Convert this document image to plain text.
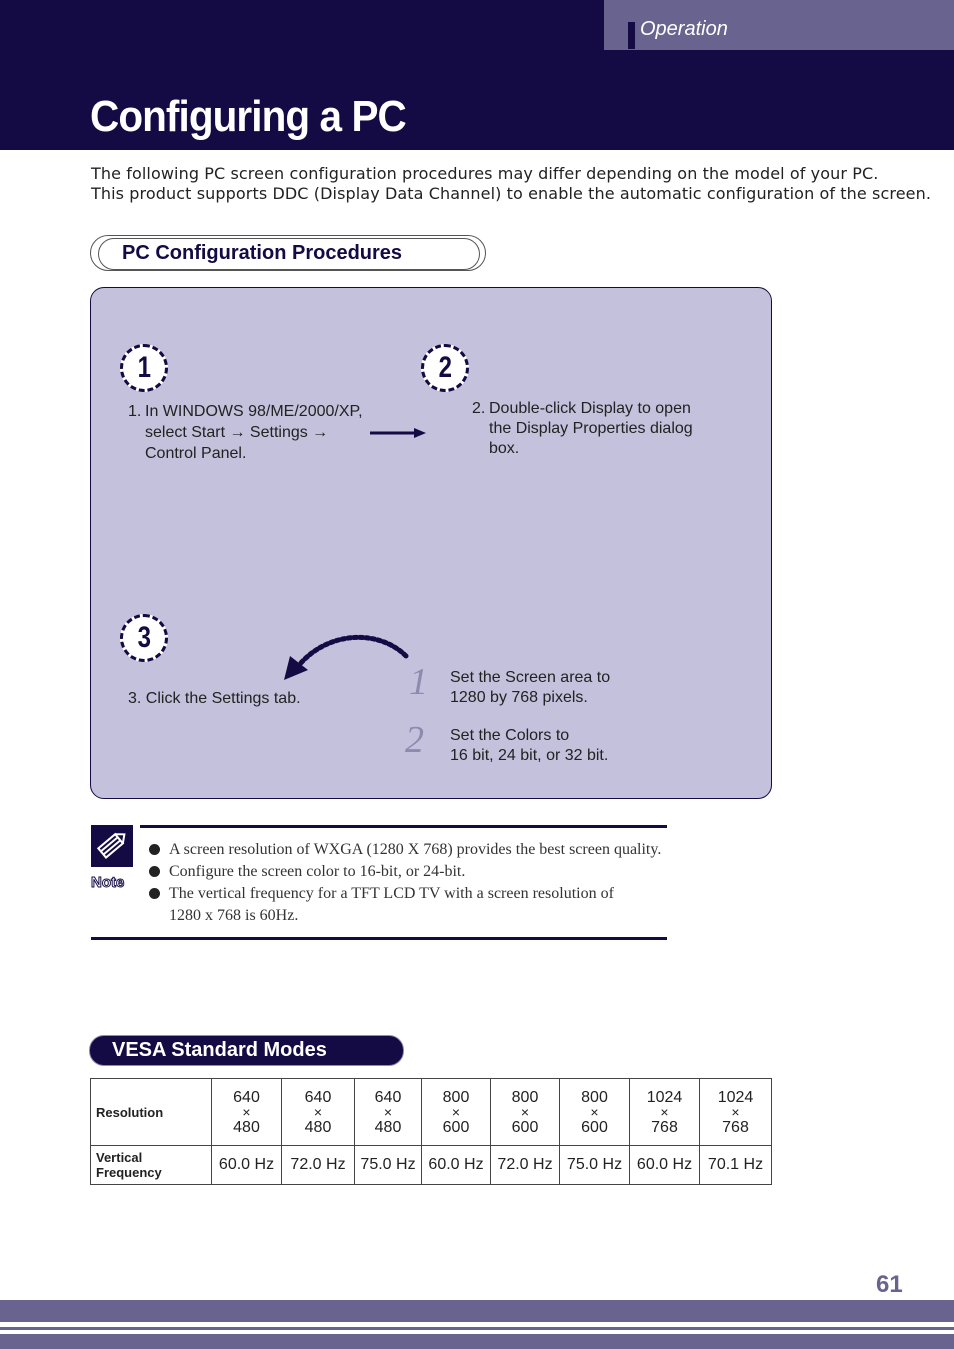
Operation
Configuring a PC
The following PC screen configuration procedures may differ depending on the model of your PC.
This product supports DDC (Display Data Channel) to enable the automatic configuration of the screen.
PC Configuration Procedures
1
1. In WINDOWS 98/ME/2000/XP,
select Start → Settings →
Control Panel.
2
2. Double-click Display to open
the Display Properties dialog
box.
3
3. Click the Settings tab.	1 Set the Screen area to
1280 by 768 pixels.
2 Set the Colors to
16 bit, 24 bit, or 32 bit.
Note
A screen resolution of WXGA (1280 X 768) provides the best screen quality.
Configure the screen color to 16-bit, or 24-bit.
The vertical frequency for a TFT LCD TV with a screen resolution of
1280 x 768 is 60Hz.
VESA Standard Modes
Resolution	640
×
480	640
×
480	640
×
480	800
×
600	800
×
600	800
×
600	1024
×
768	1024
×
768
Vertical Frequency	60.0 Hz	72.0 Hz	75.0 Hz	60.0 Hz	72.0 Hz	75.0 Hz	60.0 Hz	70.1 Hz
61
